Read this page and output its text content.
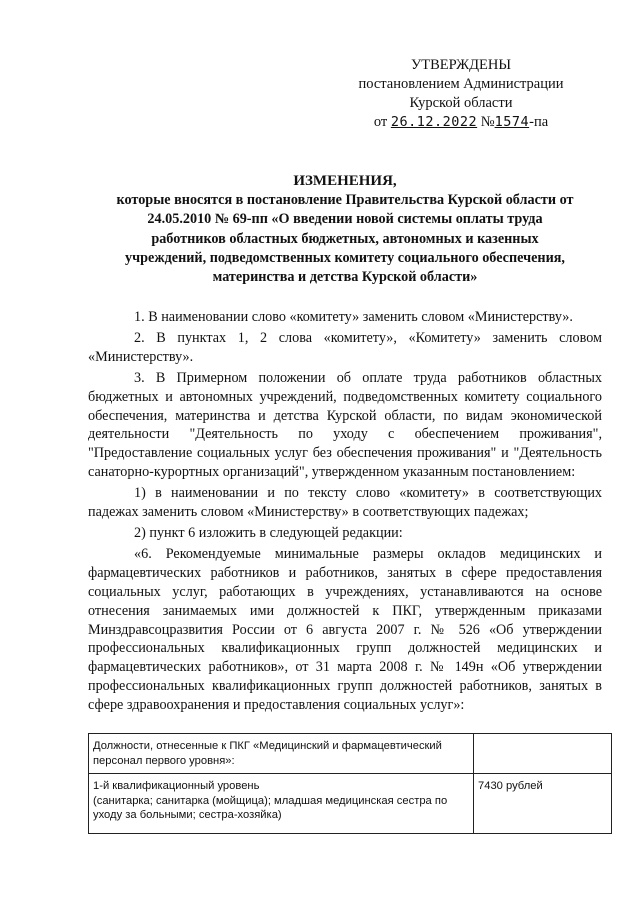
УТВЕРЖДЕНЫ
постановлением Администрации
Курской области
от 26.12.2022 №1574-па
ИЗМЕНЕНИЯ,
которые вносятся в постановление Правительства Курской области от
24.05.2010 № 69-пп «О введении новой системы оплаты труда
работников областных бюджетных, автономных и казенных
учреждений, подведомственных комитету социального обеспечения,
материнства и детства Курской области»

1. В наименовании слово «комитету» заменить словом «Министерству».

2. В пунктах 1, 2 слова «комитету», «Комитету» заменить словом «Министерству».

3. В Примерном положении об оплате труда работников областных бюджетных и автономных учреждений, подведомственных комитету социального обеспечения, материнства и детства Курской области, по видам экономической деятельности "Деятельность по уходу с обеспечением проживания", "Предоставление социальных услуг без обеспечения проживания" и "Деятельность санаторно-курортных организаций", утвержденном указанным постановлением:

1) в наименовании и по тексту слово «комитету» в соответствующих падежах заменить словом «Министерству» в соответствующих падежах;

2) пункт 6 изложить в следующей редакции:

«6. Рекомендуемые минимальные размеры окладов медицинских и фармацевтических работников и работников, занятых в сфере предоставления социальных услуг, работающих в учреждениях, устанавливаются на основе отнесения занимаемых ими должностей к ПКГ, утвержденным приказами Минздравсоцразвития России от 6 августа 2007 г. № 526 «Об утверждении профессиональных квалификационных групп должностей медицинских и фармацевтических работников», от 31 марта 2008 г. № 149н «Об утверждении профессиональных квалификационных групп должностей работников, занятых в сфере здравоохранения и предоставления социальных услуг»:

Должности, отнесенные к ПКГ «Медицинский и фармацевтический персонал первого уровня»:	

1-й квалификационный уровень
(санитарка; санитарка (мойщица); младшая медицинская сестра по уходу за больными; сестра-хозяйка)	7430 рублей
